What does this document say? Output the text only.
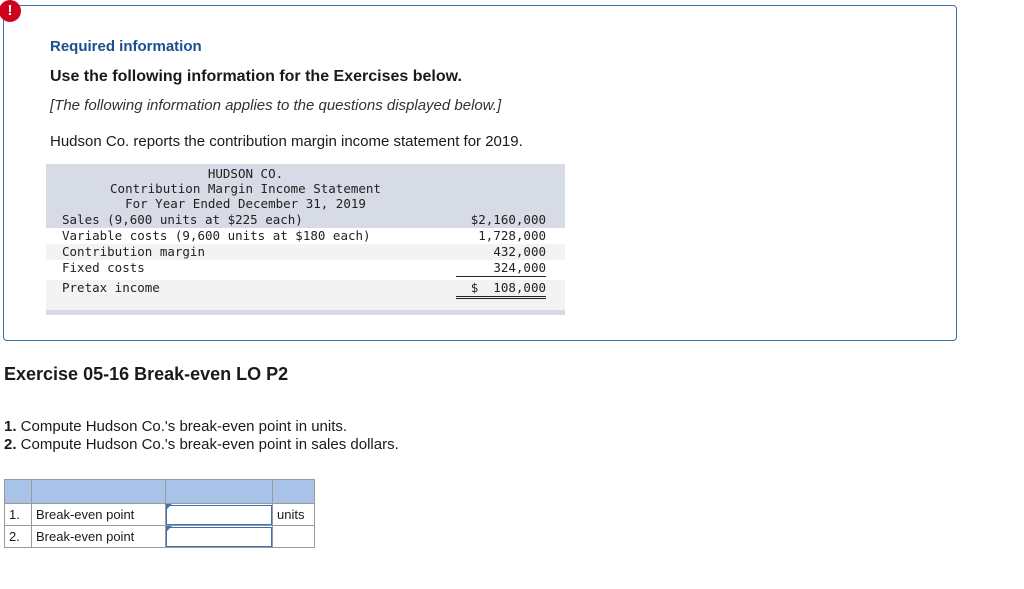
Required information
Use the following information for the Exercises below.
[The following information applies to the questions displayed below.]
Hudson Co. reports the contribution margin income statement for 2019.
!
HUDSON CO.
Contribution Margin Income Statement
For Year Ended December 31, 2019
Sales (9,600 units at $225 each)	$2,160,000
Variable costs (9,600 units at $180 each)	1,728,000
Contribution margin	432,000
Fixed costs	324,000
Pretax income	$  108,000
Exercise 05-16 Break-even LO P2
1. Compute Hudson Co.'s break-even point in units.
2. Compute Hudson Co.'s break-even point in sales dollars.

1.	Break-even point		units
2.	Break-even point	
